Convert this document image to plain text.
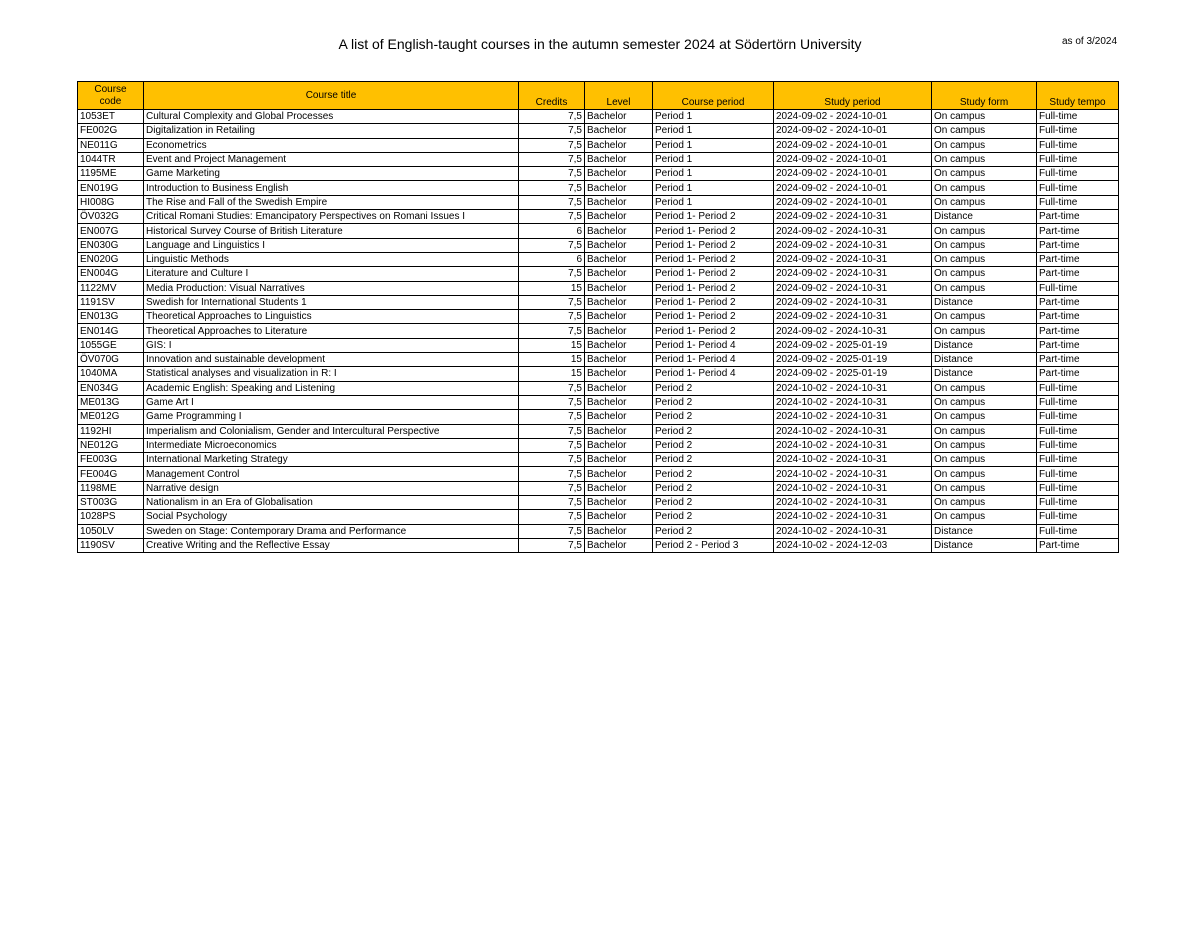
A list of English-taught courses in the autumn semester 2024 at Södertörn University	as of 3/2024
Course code	Course title	Credits	Level	Course period	Study period	Study form	Study tempo
1053ET	Cultural Complexity and Global Processes	7,5	Bachelor	Period 1	2024-09-02 - 2024-10-01	On campus	Full-time
FE002G	Digitalization in Retailing	7,5	Bachelor	Period 1	2024-09-02 - 2024-10-01	On campus	Full-time
NE011G	Econometrics	7,5	Bachelor	Period 1	2024-09-02 - 2024-10-01	On campus	Full-time
1044TR	Event and Project Management	7,5	Bachelor	Period 1	2024-09-02 - 2024-10-01	On campus	Full-time
1195ME	Game Marketing	7,5	Bachelor	Period 1	2024-09-02 - 2024-10-01	On campus	Full-time
EN019G	Introduction to Business English	7,5	Bachelor	Period 1	2024-09-02 - 2024-10-01	On campus	Full-time
HI008G	The Rise and Fall of the Swedish Empire	7,5	Bachelor	Period 1	2024-09-02 - 2024-10-01	On campus	Full-time
ÖV032G	Critical Romani Studies: Emancipatory Perspectives on Romani Issues I	7,5	Bachelor	Period 1- Period 2	2024-09-02 - 2024-10-31	Distance	Part-time
EN007G	Historical Survey Course of British Literature	6	Bachelor	Period 1- Period 2	2024-09-02 - 2024-10-31	On campus	Part-time
EN030G	Language and Linguistics I	7,5	Bachelor	Period 1- Period 2	2024-09-02 - 2024-10-31	On campus	Part-time
EN020G	Linguistic Methods	6	Bachelor	Period 1- Period 2	2024-09-02 - 2024-10-31	On campus	Part-time
EN004G	Literature and Culture I	7,5	Bachelor	Period 1- Period 2	2024-09-02 - 2024-10-31	On campus	Part-time
1122MV	Media Production: Visual Narratives	15	Bachelor	Period 1- Period 2	2024-09-02 - 2024-10-31	On campus	Full-time
1191SV	Swedish for International Students 1	7,5	Bachelor	Period 1- Period 2	2024-09-02 - 2024-10-31	Distance	Part-time
EN013G	Theoretical Approaches to Linguistics	7,5	Bachelor	Period 1- Period 2	2024-09-02 - 2024-10-31	On campus	Part-time
EN014G	Theoretical Approaches to Literature	7,5	Bachelor	Period 1- Period 2	2024-09-02 - 2024-10-31	On campus	Part-time
1055GE	GIS: I	15	Bachelor	Period 1- Period 4	2024-09-02 - 2025-01-19	Distance	Part-time
ÖV070G	Innovation and sustainable development	15	Bachelor	Period 1- Period 4	2024-09-02 - 2025-01-19	Distance	Part-time
1040MA	Statistical analyses and visualization in R: I	15	Bachelor	Period 1- Period 4	2024-09-02 - 2025-01-19	Distance	Part-time
EN034G	Academic English: Speaking and Listening	7,5	Bachelor	Period 2	2024-10-02 - 2024-10-31	On campus	Full-time
ME013G	Game Art I	7,5	Bachelor	Period 2	2024-10-02 - 2024-10-31	On campus	Full-time
ME012G	Game Programming I	7,5	Bachelor	Period 2	2024-10-02 - 2024-10-31	On campus	Full-time
1192HI	Imperialism and Colonialism, Gender and Intercultural Perspective	7,5	Bachelor	Period 2	2024-10-02 - 2024-10-31	On campus	Full-time
NE012G	Intermediate Microeconomics	7,5	Bachelor	Period 2	2024-10-02 - 2024-10-31	On campus	Full-time
FE003G	International Marketing Strategy	7,5	Bachelor	Period 2	2024-10-02 - 2024-10-31	On campus	Full-time
FE004G	Management Control	7,5	Bachelor	Period 2	2024-10-02 - 2024-10-31	On campus	Full-time
1198ME	Narrative design	7,5	Bachelor	Period 2	2024-10-02 - 2024-10-31	On campus	Full-time
ST003G	Nationalism in an Era of Globalisation	7,5	Bachelor	Period 2	2024-10-02 - 2024-10-31	On campus	Full-time
1028PS	Social Psychology	7,5	Bachelor	Period 2	2024-10-02 - 2024-10-31	On campus	Full-time
1050LV	Sweden on Stage: Contemporary Drama and Performance	7,5	Bachelor	Period 2	2024-10-02 - 2024-10-31	Distance	Full-time
1190SV	Creative Writing and the Reflective Essay	7,5	Bachelor	Period 2 - Period 3	2024-10-02 - 2024-12-03	Distance	Part-time
